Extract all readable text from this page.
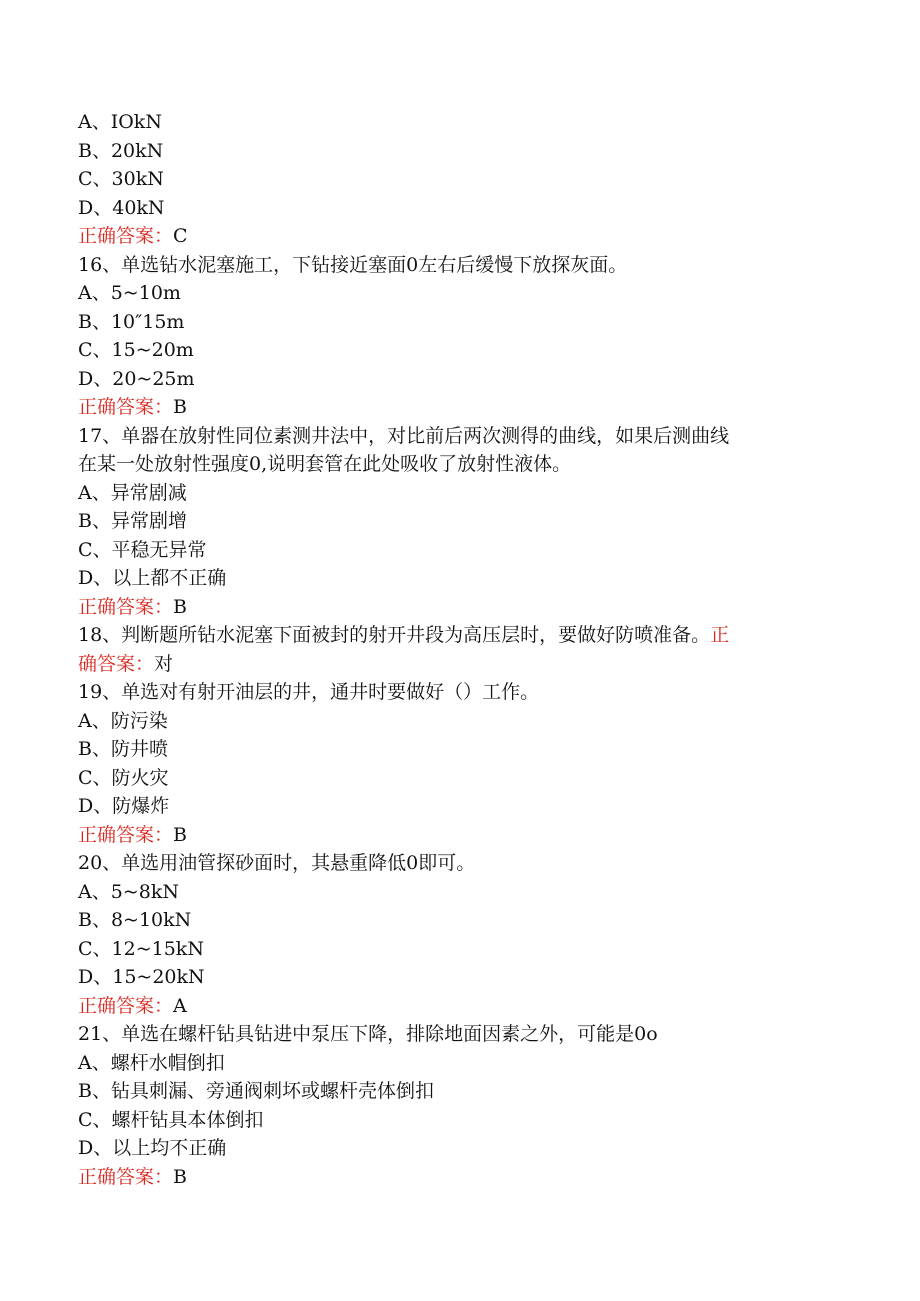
A、IOkN
B、20kN
C、30kN
D、40kN
正确答案：C
16、单选钻水泥塞施工，下钻接近塞面0左右后缓慢下放探灰面。
A、5~10m
B、10″15m
C、15~20m
D、20~25m
正确答案：B
17、单器在放射性同位素测井法中，对比前后两次测得的曲线，如果后测曲线
在某一处放射性强度0,说明套管在此处吸收了放射性液体。
A、异常剧减
B、异常剧增
C、平稳无异常
D、以上都不正确
正确答案：B
18、判断题所钻水泥塞下面被封的射开井段为高压层时，要做好防喷准备。正
确答案：对
19、单选对有射开油层的井，通井时要做好（）工作。
A、防污染
B、防井喷
C、防火灾
D、防爆炸
正确答案：B
20、单选用油管探砂面时，其悬重降低0即可。
A、5~8kN
B、8~10kN
C、12~15kN
D、15~20kN
正确答案：A
21、单选在螺杆钻具钻进中泵压下降，排除地面因素之外，可能是0o
A、螺杆水帽倒扣
B、钻具刺漏、旁通阀刺坏或螺杆壳体倒扣
C、螺杆钻具本体倒扣
D、以上均不正确
正确答案：B
